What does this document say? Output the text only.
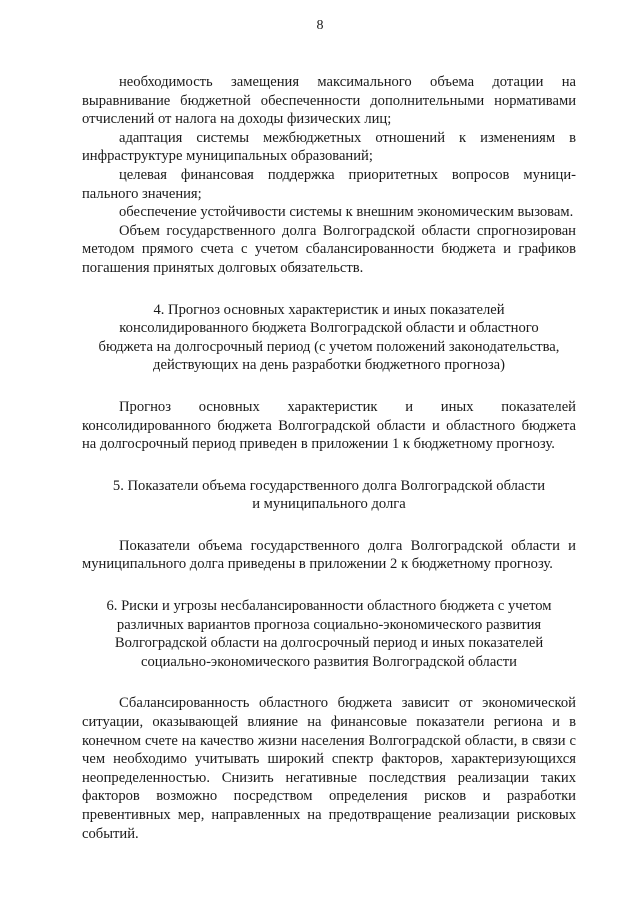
8

необходимость замещения максимального объема дотации на выравнивание бюджетной обеспеченности дополнительными нормативами отчислений от налога на доходы физических лиц;

адаптация системы межбюджетных отношений к изменениям в инфраструктуре муниципальных образований;

целевая финансовая поддержка приоритетных вопросов муници-пального значения;

обеспечение устойчивости системы к внешним экономическим вызовам.

Объем государственного долга Волгоградской области спрогнозирован методом прямого счета с учетом сбалансированности бюджета и графиков погашения принятых долговых обязательств.

4. Прогноз основных характеристик и иных показателей
консолидированного бюджета Волгоградской области и областного
бюджета на долгосрочный период (с учетом положений законодательства,
действующих на день разработки бюджетного прогноза)

Прогноз основных характеристик и иных показателей консолидированного бюджета Волгоградской области и областного бюджета на долгосрочный период приведен в приложении 1 к бюджетному прогнозу.

5. Показатели объема государственного долга Волгоградской области
и муниципального долга

Показатели объема государственного долга Волгоградской области и муниципального долга приведены в приложении 2 к бюджетному прогнозу.

6. Риски и угрозы несбалансированности областного бюджета с учетом
различных вариантов прогноза социально-экономического развития
Волгоградской области на долгосрочный период и иных показателей
социально-экономического развития Волгоградской области

Сбалансированность областного бюджета зависит от экономической ситуации, оказывающей влияние на финансовые показатели региона и в конечном счете на качество жизни населения Волгоградской области, в связи с чем необходимо учитывать широкий спектр факторов, характеризующихся неопределенностью. Снизить негативные последствия реализации таких факторов возможно посредством определения рисков и разработки превентивных мер, направленных на предотвращение реализации рисковых событий.
